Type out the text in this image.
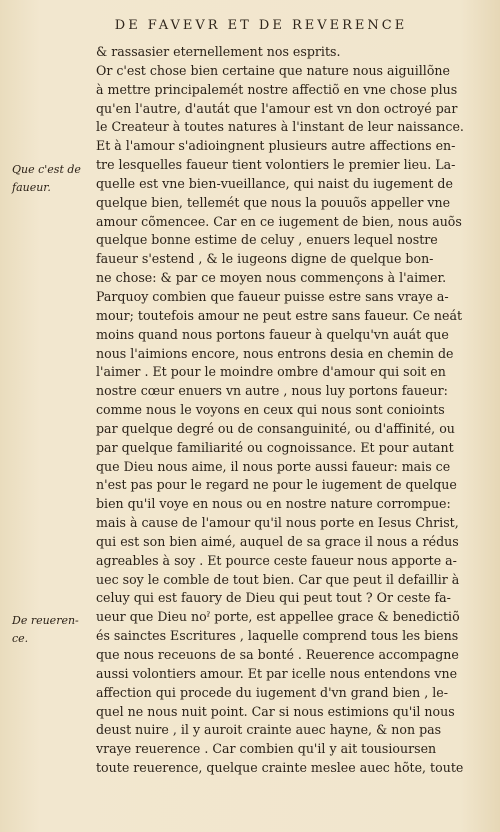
DE FAVEVR ET DE REVERENCE
Que c'est de
faueur.
De reueren-
ce.
& rassasier eternellement nos esprits.
Or c'est chose bien certaine que nature nous aiguillõne
à mettre principalemét nostre affectiõ en vne chose plus
qu'en l'autre, d'autát que l'amour est vn don octroyé par
le Createur à toutes natures à l'instant de leur naissance.
Et à l'amour s'adioingnent plusieurs autre affections en-
tre lesquelles faueur tient volontiers le premier lieu. La-
quelle est vne bien-vueillance, qui naist du iugement de
quelque bien, tellemét que nous la pouuõs appeller vne
amour cõmencee. Car en ce iugement de bien, nous auõs
quelque bonne estime de celuy , enuers lequel nostre
faueur s'estend , & le iugeons digne de quelque bon-
ne chose: & par ce moyen nous commençons à l'aimer.
Parquoy combien que faueur puisse estre sans vraye a-
mour; toutefois amour ne peut estre sans faueur. Ce neát
moins quand nous portons faueur à quelqu'vn auát que
nous l'aimions encore, nous entrons desia en chemin de
l'aimer . Et pour le moindre ombre d'amour qui soit en
nostre cœur enuers vn autre , nous luy portons faueur:
comme nous le voyons en ceux qui nous sont conioints
par quelque degré ou de consanguinité, ou d'affinité, ou
par quelque familiarité ou cognoissance. Et pour autant
que Dieu nous aime, il nous porte aussi faueur: mais ce
n'est pas pour le regard ne pour le iugement de quelque
bien qu'il voye en nous ou en nostre nature corrompue:
mais à cause de l'amour qu'il nous porte en Iesus Christ,
qui est son bien aimé, auquel de sa grace il nous a rédus
agreables à soy . Et pource ceste faueur nous apporte a-
uec soy le comble de tout bien. Car que peut il defaillir à
celuy qui est fauory de Dieu qui peut tout ? Or ceste fa-
ueur que Dieu noˀ porte, est appellee grace & benedictiõ
és sainctes Escritures , laquelle comprend tous les biens
que nous receuons de sa bonté . Reuerence accompagne
aussi volontiers amour. Et par icelle nous entendons vne
affection qui procede du iugement d'vn grand bien , le-
quel ne nous nuit point. Car si nous estimions qu'il nous
deust nuire , il y auroit crainte auec hayne, & non pas
vraye reuerence . Car combien qu'il y ait tousioursen
toute reuerence, quelque crainte meslee auec hõte, toute
